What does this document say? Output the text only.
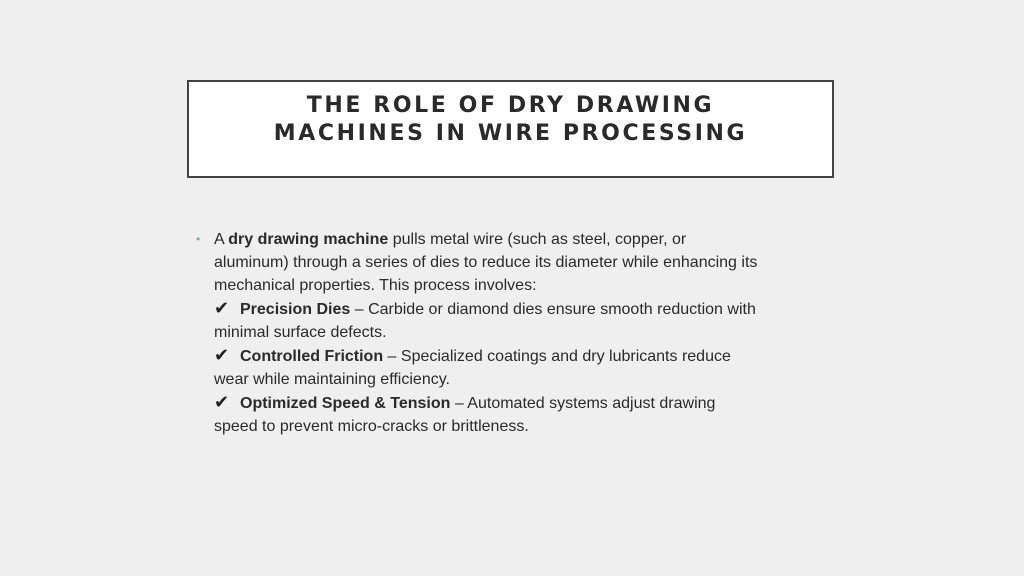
THE ROLE OF DRY DRAWING
MACHINES IN WIRE PROCESSING
• A dry drawing machine pulls metal wire (such as steel, copper, or
aluminum) through a series of dies to reduce its diameter while enhancing its
mechanical properties. This process involves:
✔ Precision Dies – Carbide or diamond dies ensure smooth reduction with
minimal surface defects.
✔ Controlled Friction – Specialized coatings and dry lubricants reduce
wear while maintaining efficiency.
✔ Optimized Speed & Tension – Automated systems adjust drawing
speed to prevent micro-cracks or brittleness.
